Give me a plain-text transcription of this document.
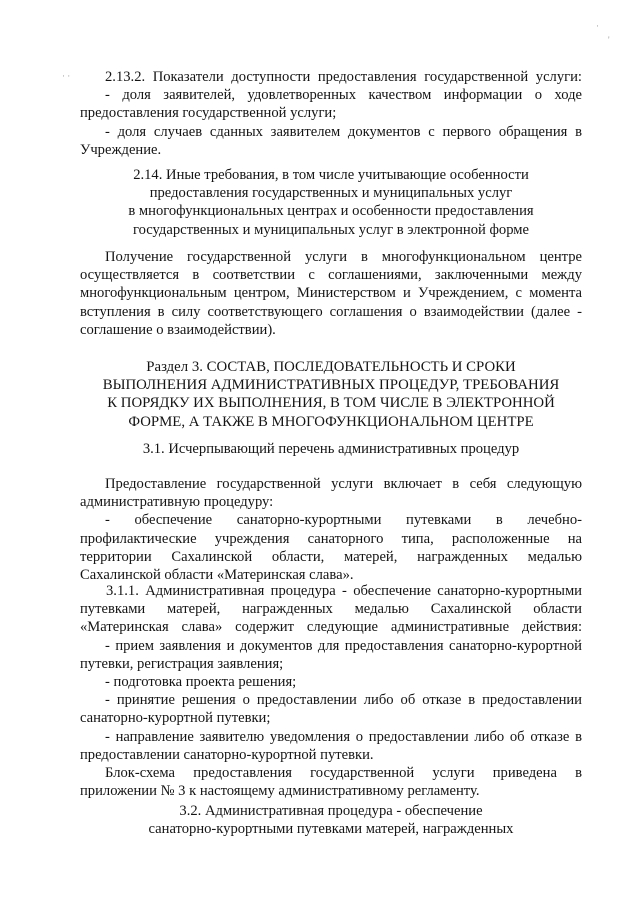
· ·
·
'
2.13.2. Показатели доступности предоставления государственной услуги:
- доля заявителей, удовлетворенных качеством информации о ходе
предоставления государственной услуги;
- доля случаев сданных заявителем документов с первого обращения в
Учреждение.
2.14. Иные требования, в том числе учитывающие особенности
предоставления государственных и муниципальных услуг
в многофункциональных центрах и особенности предоставления
государственных и муниципальных услуг в электронной форме
Получение государственной услуги в многофункциональном центре
осуществляется в соответствии с соглашениями, заключенными между
многофункциональным центром, Министерством и Учреждением, с момента
вступления в силу соответствующего соглашения о взаимодействии (далее -
соглашение о взаимодействии).
Раздел 3. СОСТАВ, ПОСЛЕДОВАТЕЛЬНОСТЬ И СРОКИ
ВЫПОЛНЕНИЯ АДМИНИСТРАТИВНЫХ ПРОЦЕДУР, ТРЕБОВАНИЯ
К ПОРЯДКУ ИХ ВЫПОЛНЕНИЯ, В ТОМ ЧИСЛЕ В ЭЛЕКТРОННОЙ
ФОРМЕ, А ТАКЖЕ В МНОГОФУНКЦИОНАЛЬНОМ ЦЕНТРЕ
3.1. Исчерпывающий перечень административных процедур
Предоставление государственной услуги включает в себя следующую
административную процедуру:
- обеспечение санаторно-курортными путевками в лечебно-
профилактические учреждения санаторного типа, расположенные на
территории Сахалинской области, матерей, награжденных медалью
Сахалинской области «Материнская слава».
3.1.1. Административная процедура - обеспечение санаторно-курортными
путевками матерей, награжденных медалью Сахалинской области
«Материнская слава» содержит следующие административные действия:
- прием заявления и документов для предоставления санаторно-курортной
путевки, регистрация заявления;
- подготовка проекта решения;
- принятие решения о предоставлении либо об отказе в предоставлении
санаторно-курортной путевки;
- направление заявителю уведомления о предоставлении либо об отказе в
предоставлении санаторно-курортной путевки.
Блок-схема предоставления государственной услуги приведена в
приложении № 3 к настоящему административному регламенту.
3.2. Административная процедура - обеспечение
санаторно-курортными путевками матерей, награжденных
